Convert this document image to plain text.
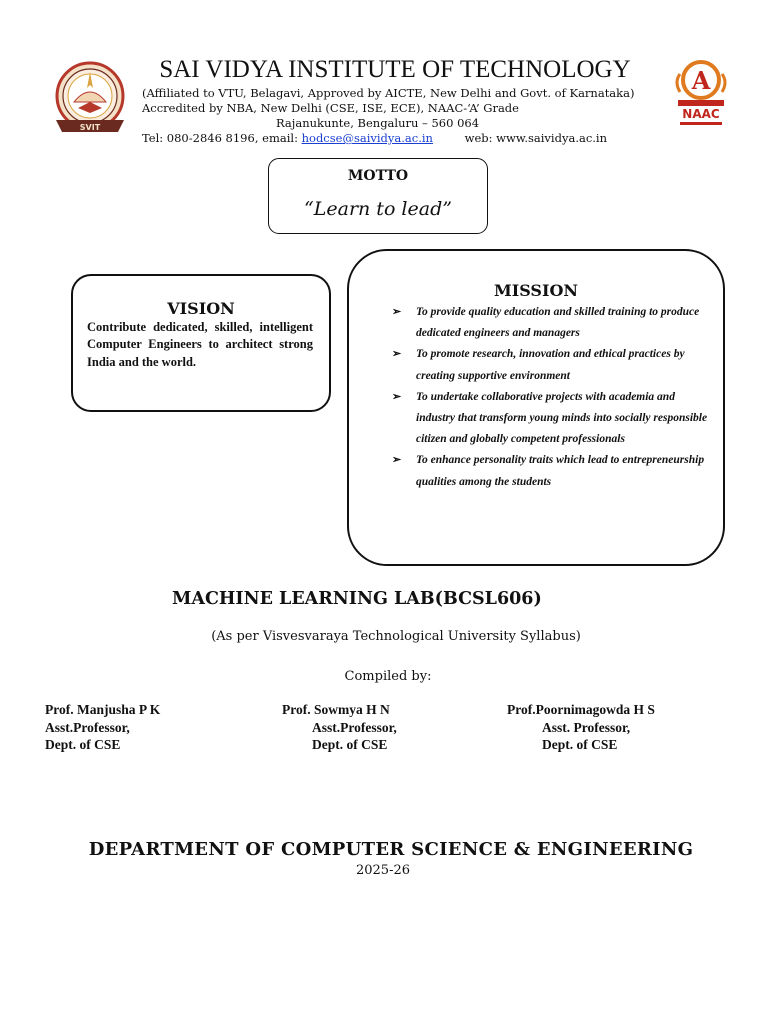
SVIT
A
NAAC
SAI VIDYA INSTITUTE OF TECHNOLOGY
(Affiliated to VTU, Belagavi, Approved by AICTE, New Delhi and Govt. of Karnataka)
Accredited by NBA, New Delhi (CSE, ISE, ECE), NAAC-‘A’ Grade
Rajanukunte, Bengaluru – 560 064
Tel: 080-2846 8196, email: hodcse@saividya.ac.in	web: www.saividya.ac.in
MOTTO
“Learn to lead”
VISION
Contribute dedicated, skilled, intelligent Computer Engineers to architect strong India and the world.
MISSION
➢ To provide quality education and skilled training to produce dedicated engineers and managers
➢ To promote research, innovation and ethical practices by creating supportive environment
➢ To undertake collaborative projects with academia and industry that transform young minds into socially responsible citizen and globally competent professionals
➢ To enhance personality traits which lead to entrepreneurship qualities among the students
MACHINE LEARNING LAB(BCSL606)
(As per Visvesvaraya Technological University Syllabus)
Compiled by:
Prof. Manjusha P K
Asst.Professor,
Dept. of CSE
Prof. Sowmya H N
Asst.Professor,
Dept. of CSE
Prof.Poornimagowda H S
Asst. Professor,
Dept. of CSE
DEPARTMENT OF COMPUTER SCIENCE & ENGINEERING
2025-26
